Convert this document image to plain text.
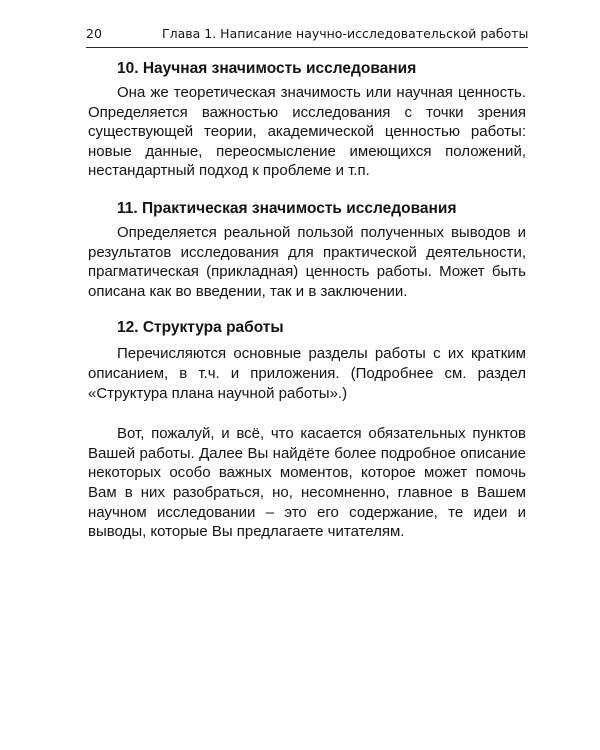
20	Глава 1. Написание научно-исследовательской работы
10. Научная значимость исследования

Она же теоретическая значимость или научная ценность. Определяется важностью исследования с точки зрения существующей теории, академической ценностью работы: новые данные, переосмысление имеющихся положений, нестандартный подход к проблеме и т.п.

11. Практическая значимость исследования

Определяется реальной пользой полученных выводов и результатов исследования для практической деятельности, прагматическая (прикладная) ценность работы. Может быть описана как во введении, так и в заключении.

12. Структура работы

Перечисляются основные разделы работы с их кратким описанием, в т.ч. и приложения. (Подробнее см. раздел «Структура плана научной работы».)

Вот, пожалуй, и всё, что касается обязательных пунктов Вашей работы. Далее Вы найдёте более подробное описание некоторых особо важных моментов, которое может помочь Вам в них разобраться, но, несомненно, главное в Вашем научном исследовании – это его содержание, те идеи и выводы, которые Вы предлагаете читателям.
